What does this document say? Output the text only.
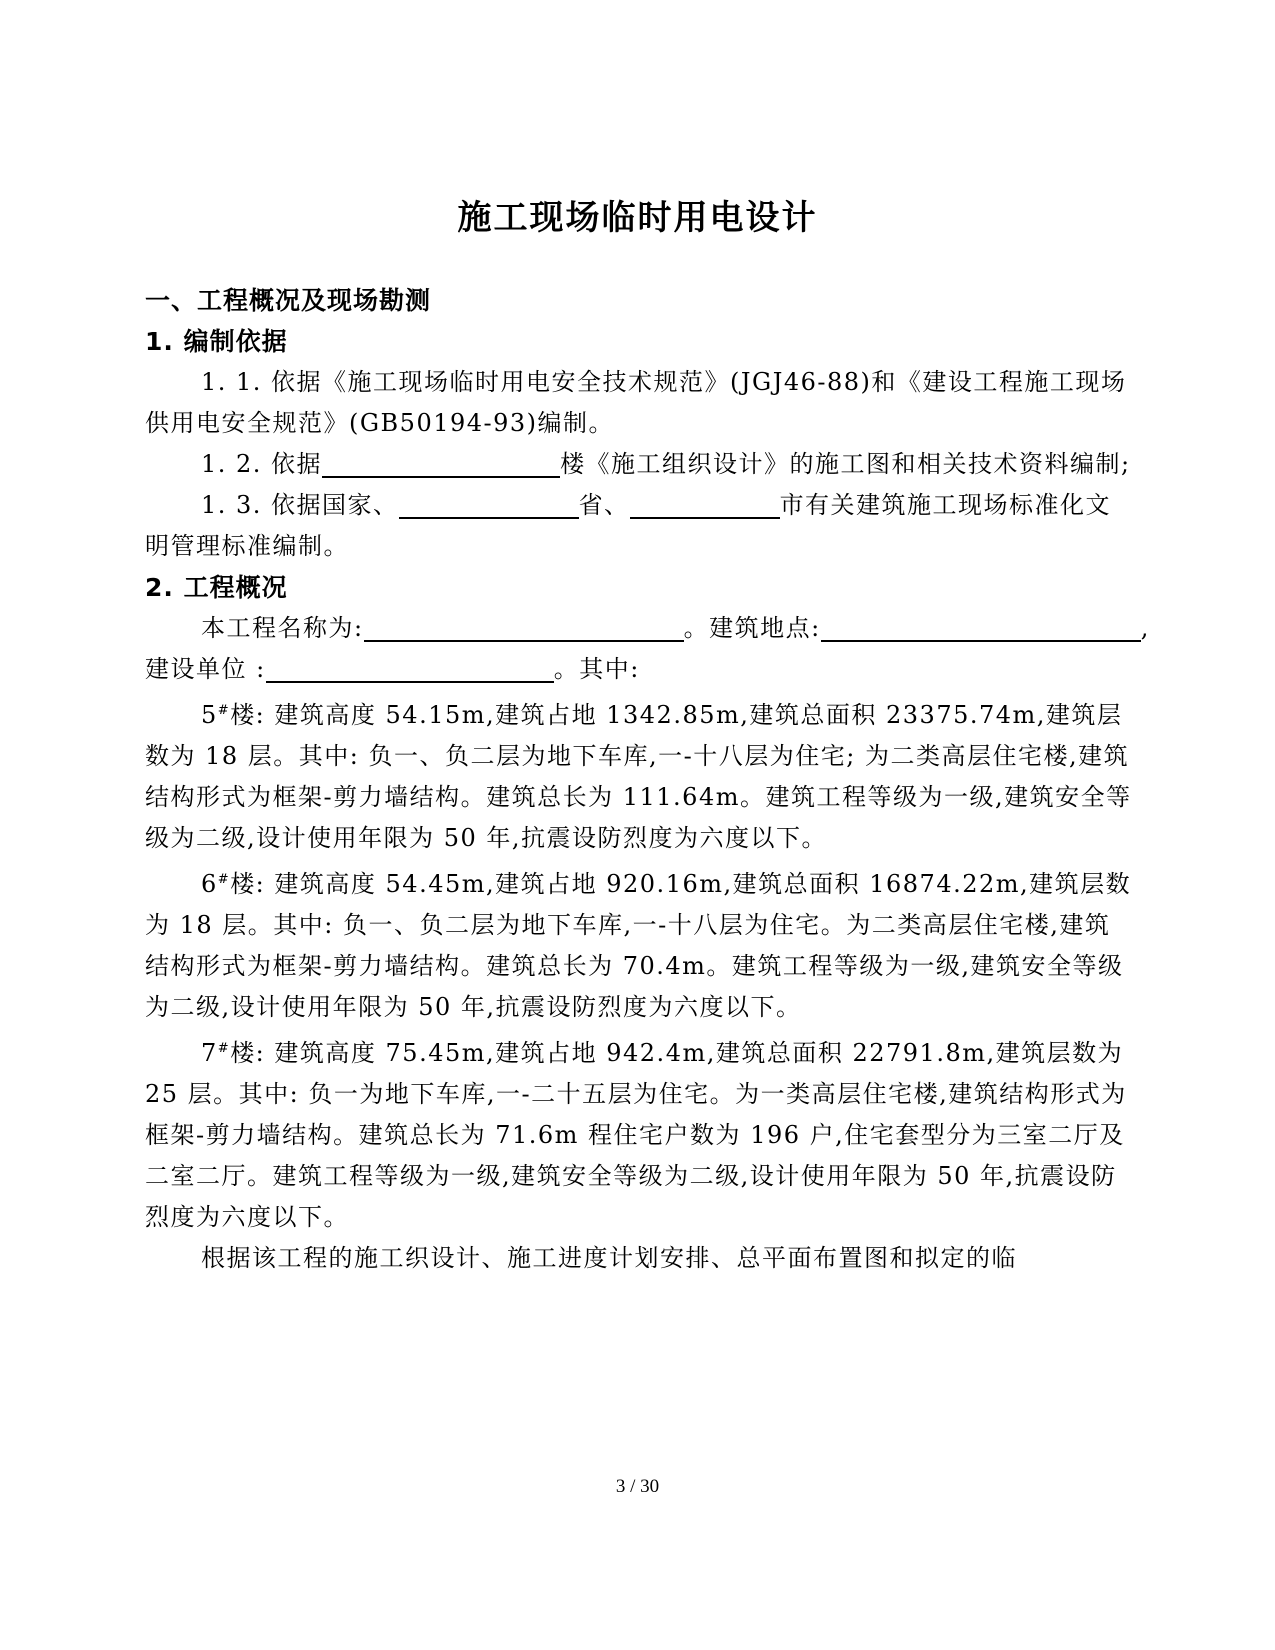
施工现场临时用电设计
一、工程概况及现场勘测
1. 编制依据

1. 1. 依据《施工现场临时用电安全技术规范》(JGJ46-88)和《建设工程施工现场供用电安全规范》(GB50194-93)编制。

1. 2. 依据	楼《施工组织设计》的施工图和相关技术资料编制;

1. 3. 依据国家、	省、	市有关建筑施工现场标准化文明管理标准编制。

2. 工程概况

本工程名称为:	。建筑地点:	,

建设单位 :	。其中:

5#楼: 建筑高度 54.15m,建筑占地 1342.85m,建筑总面积 23375.74m,建筑层数为 18 层。其中: 负一、负二层为地下车库,一-十八层为住宅; 为二类高层住宅楼,建筑结构形式为框架-剪力墙结构。建筑总长为 111.64m。建筑工程等级为一级,建筑安全等级为二级,设计使用年限为 50 年,抗震设防烈度为六度以下。

6#楼: 建筑高度 54.45m,建筑占地 920.16m,建筑总面积 16874.22m,建筑层数为 18 层。其中: 负一、负二层为地下车库,一-十八层为住宅。为二类高层住宅楼,建筑结构形式为框架-剪力墙结构。建筑总长为 70.4m。建筑工程等级为一级,建筑安全等级为二级,设计使用年限为 50 年,抗震设防烈度为六度以下。

7#楼: 建筑高度 75.45m,建筑占地 942.4m,建筑总面积 22791.8m,建筑层数为 25 层。其中: 负一为地下车库,一-二十五层为住宅。为一类高层住宅楼,建筑结构形式为框架-剪力墙结构。建筑总长为 71.6m 程住宅户数为 196 户,住宅套型分为三室二厅及二室二厅。建筑工程等级为一级,建筑安全等级为二级,设计使用年限为 50 年,抗震设防烈度为六度以下。

根据该工程的施工织设计、施工进度计划安排、总平面布置图和拟定的临

3 / 30
